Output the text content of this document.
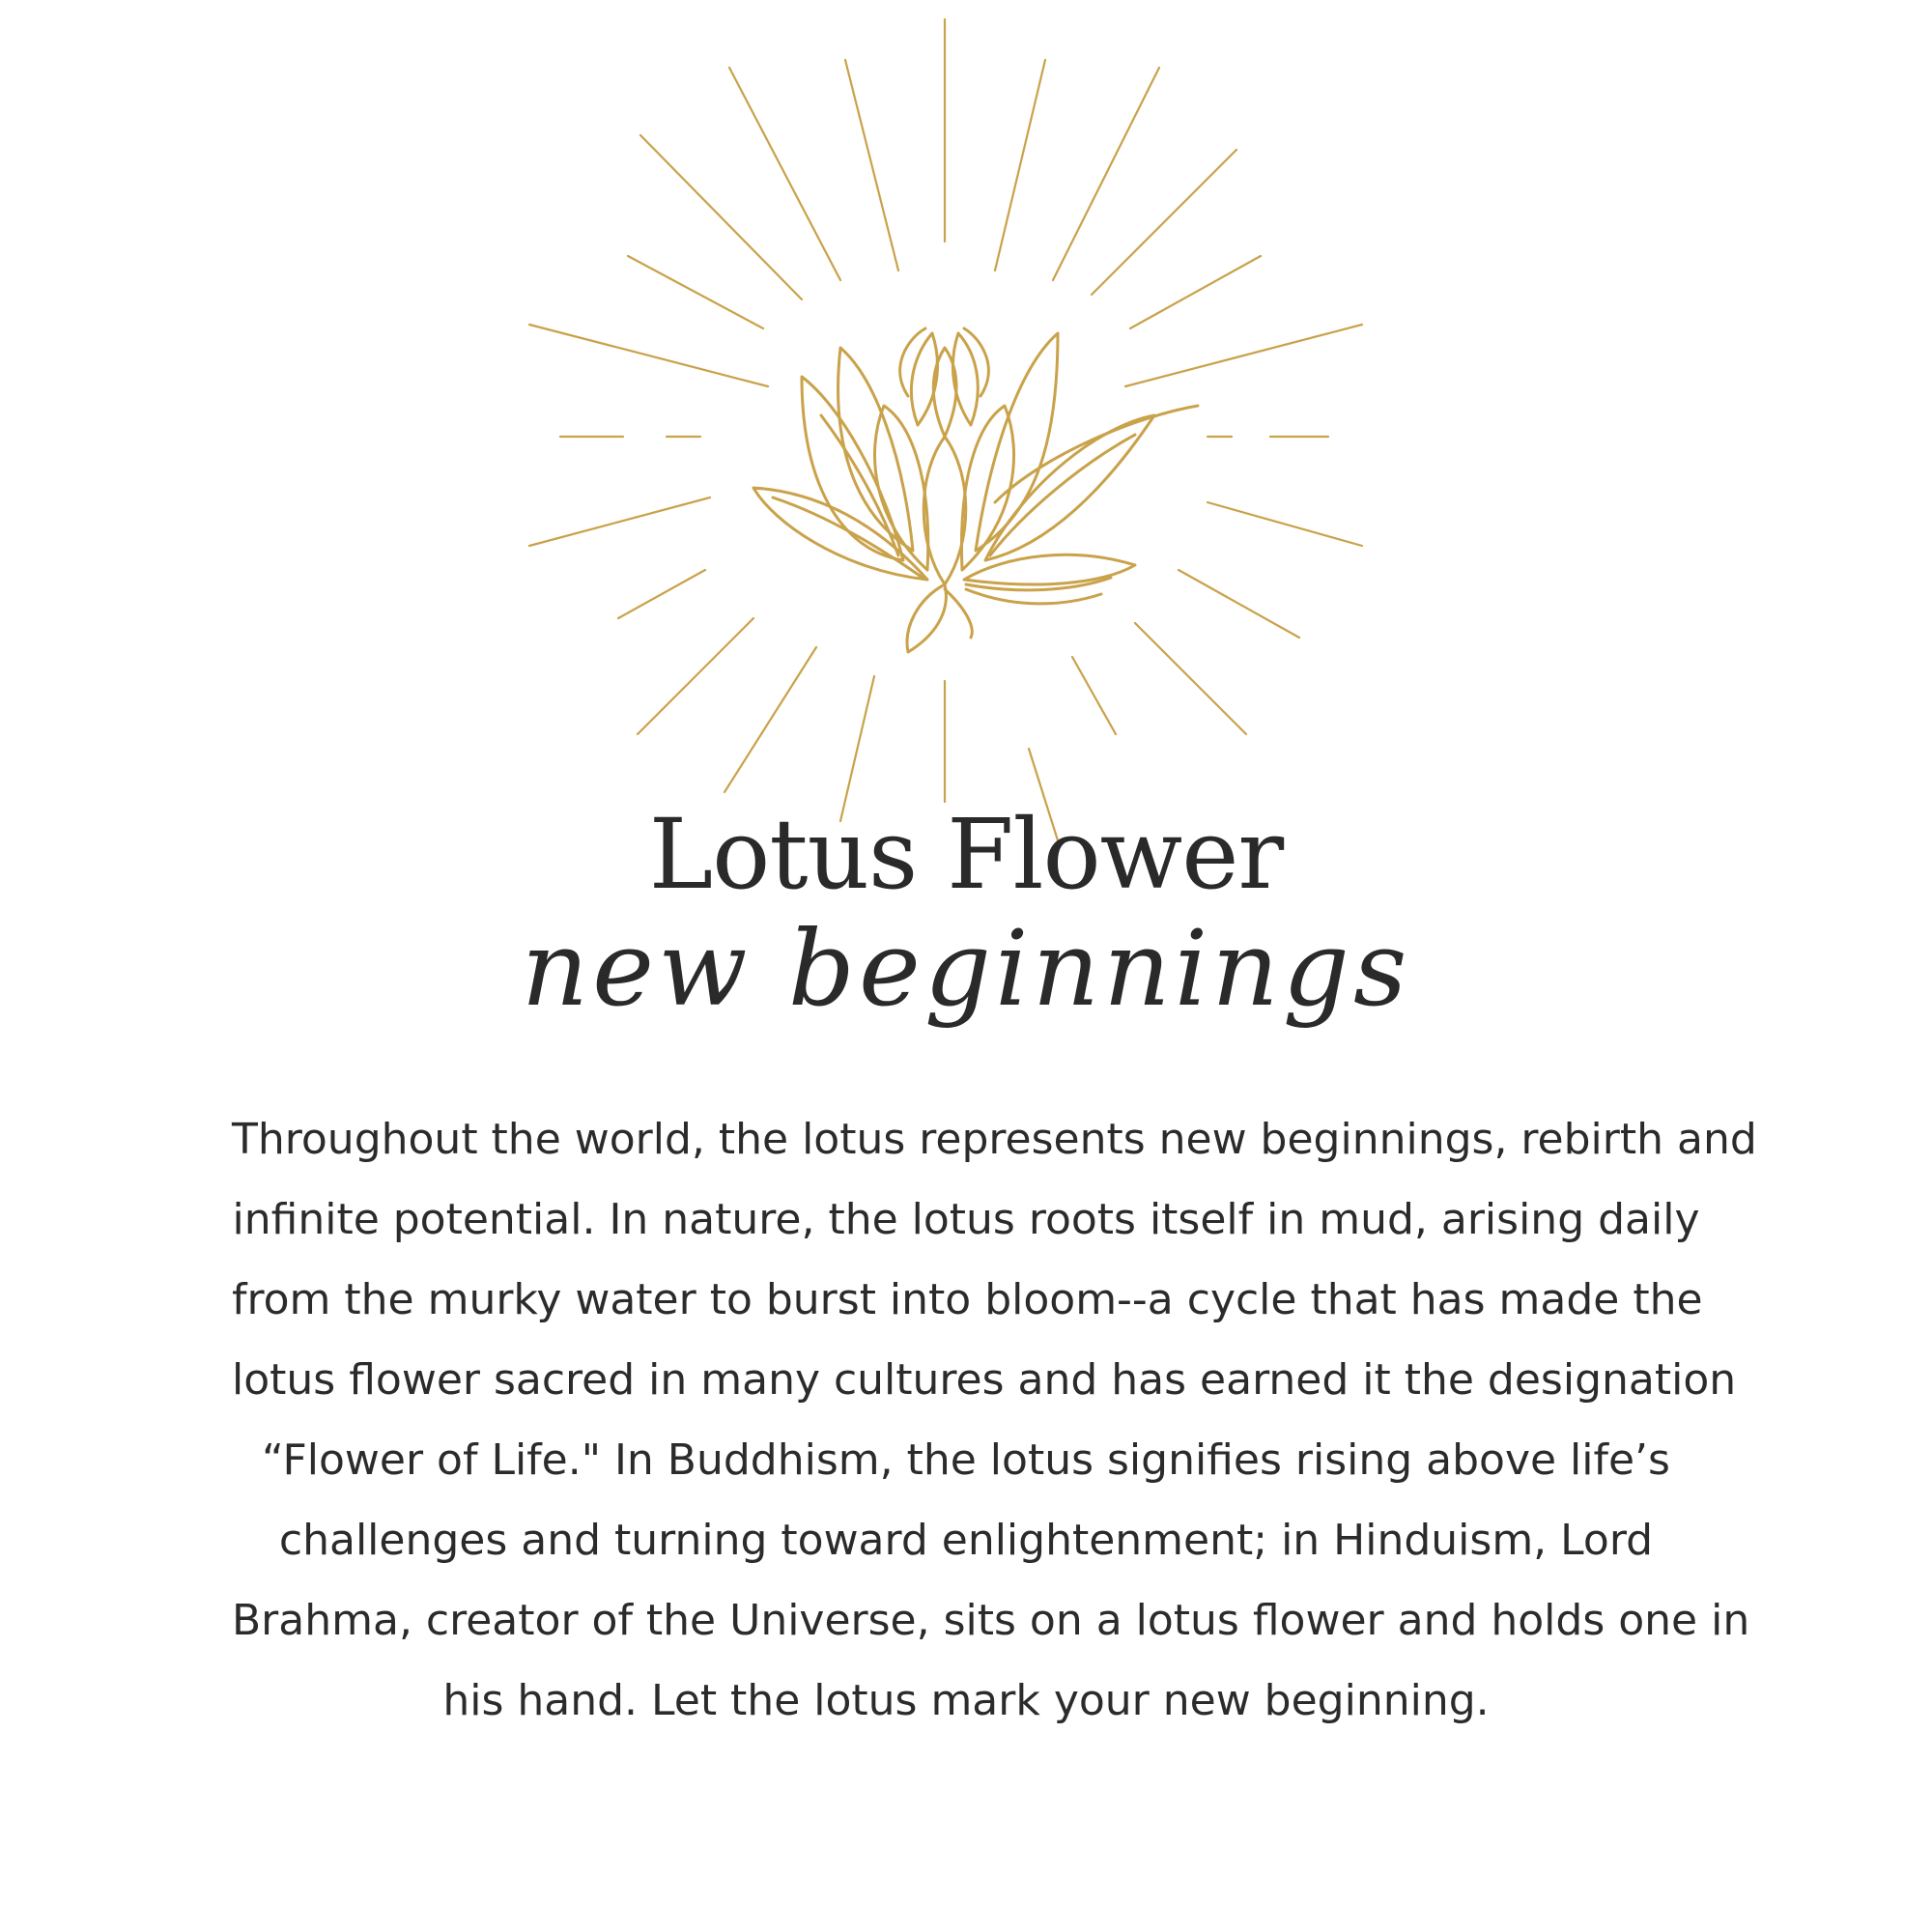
Lotus Flower
new beginnings
Throughout the world, the lotus represents new beginnings, rebirth and
infinite potential. In nature, the lotus roots itself in mud, arising daily
from the murky water to burst into bloom--a cycle that has made the
lotus flower sacred in many cultures and has earned it the designation
“Flower of Life." In Buddhism, the lotus signifies rising above life’s
challenges and turning toward enlightenment; in Hinduism, Lord
Brahma, creator of the Universe, sits on a lotus flower and holds one in
his hand. Let the lotus mark your new beginning.
